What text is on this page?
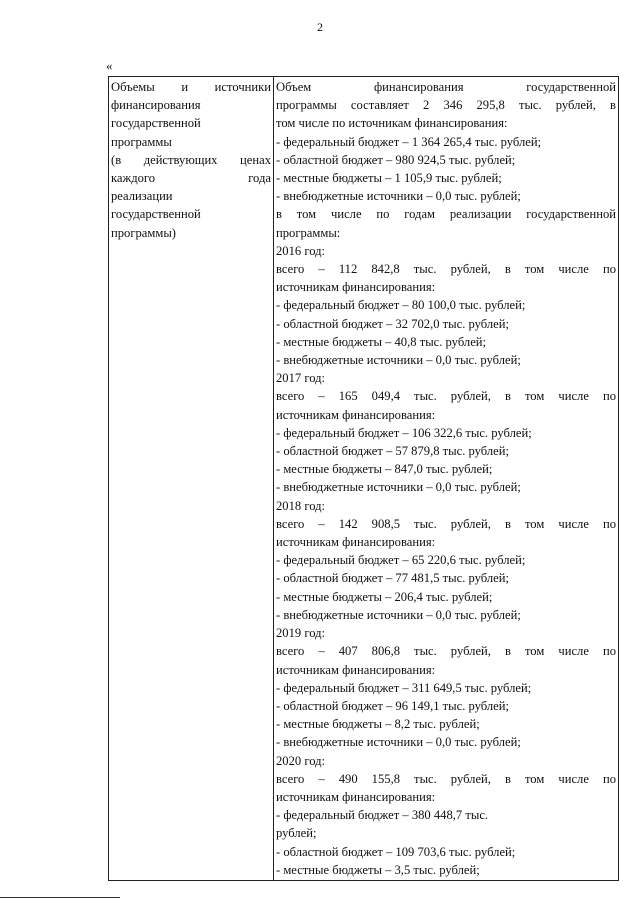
2
«
Объемы и источники
финансирования
государственной
программы
(в действующих ценах
каждого года
реализации
государственной
программы)

Объем финансирования государственной
программы составляет 2 346 295,8 тыс. рублей, в
том числе по источникам финансирования:
- федеральный бюджет – 1 364 265,4 тыс. рублей;
- областной бюджет – 980 924,5 тыс. рублей;
- местные бюджеты – 1 105,9 тыс. рублей;
- внебюджетные источники – 0,0 тыс. рублей;
в том числе по годам реализации государственной
программы:
2016 год:
всего – 112 842,8 тыс. рублей, в том числе по
источникам финансирования:
- федеральный бюджет – 80 100,0 тыс. рублей;
- областной бюджет – 32 702,0 тыс. рублей;
- местные бюджеты – 40,8 тыс. рублей;
- внебюджетные источники – 0,0 тыс. рублей;
2017 год:
всего – 165 049,4 тыс. рублей, в том числе по
источникам финансирования:
- федеральный бюджет – 106 322,6 тыс. рублей;
- областной бюджет – 57 879,8 тыс. рублей;
- местные бюджеты – 847,0 тыс. рублей;
- внебюджетные источники – 0,0 тыс. рублей;
2018 год:
всего – 142 908,5 тыс. рублей, в том числе по
источникам финансирования:
- федеральный бюджет – 65 220,6 тыс. рублей;
- областной бюджет – 77 481,5 тыс. рублей;
- местные бюджеты – 206,4 тыс. рублей;
- внебюджетные источники – 0,0 тыс. рублей;
2019 год:
всего – 407 806,8 тыс. рублей, в том числе по
источникам финансирования:
- федеральный бюджет – 311 649,5 тыс. рублей;
- областной бюджет – 96 149,1 тыс. рублей;
- местные бюджеты – 8,2 тыс. рублей;
- внебюджетные источники – 0,0 тыс. рублей;
2020 год:
всего – 490 155,8 тыс. рублей, в том числе по
источникам финансирования:
- федеральный бюджет – 380 448,7 тыс.
рублей;
- областной бюджет – 109 703,6 тыс. рублей;
- местные бюджеты – 3,5 тыс. рублей;
